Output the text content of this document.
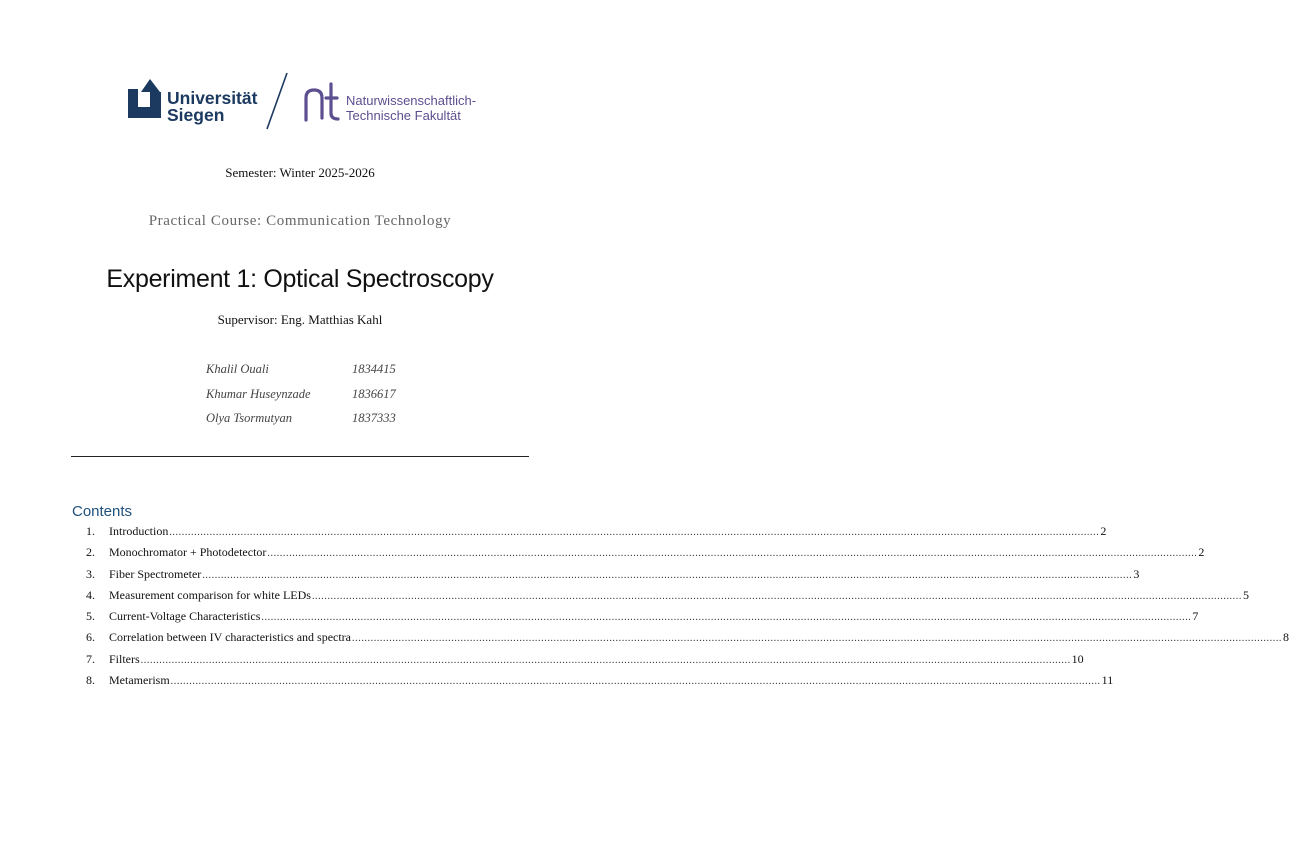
Universität
Siegen
Naturwissenschaftlich-
Technische Fakultät
Semester: Winter 2025-2026
Practical Course: Communication Technology
Experiment 1: Optical Spectroscopy
Supervisor: Eng. Matthias Kahl
Khalil Ouali	1834415
Khumar Huseynzade	1836617
Olya Tsormutyan	1837333
Contents
1.	Introduction ............................................................................................................................................................................................................................................................................................................ 2
2.	Monochromator + Photodetector ............................................................................................................................................................................................................................................................................................................ 2
3.	Fiber Spectrometer ............................................................................................................................................................................................................................................................................................................ 3
4.	Measurement comparison for white LEDs ............................................................................................................................................................................................................................................................................................................ 5
5.	Current-Voltage Characteristics ............................................................................................................................................................................................................................................................................................................ 7
6.	Correlation between IV characteristics and spectra ............................................................................................................................................................................................................................................................................................................ 8
7.	Filters ............................................................................................................................................................................................................................................................................................................ 10
8.	Metamerism ............................................................................................................................................................................................................................................................................................................ 11
